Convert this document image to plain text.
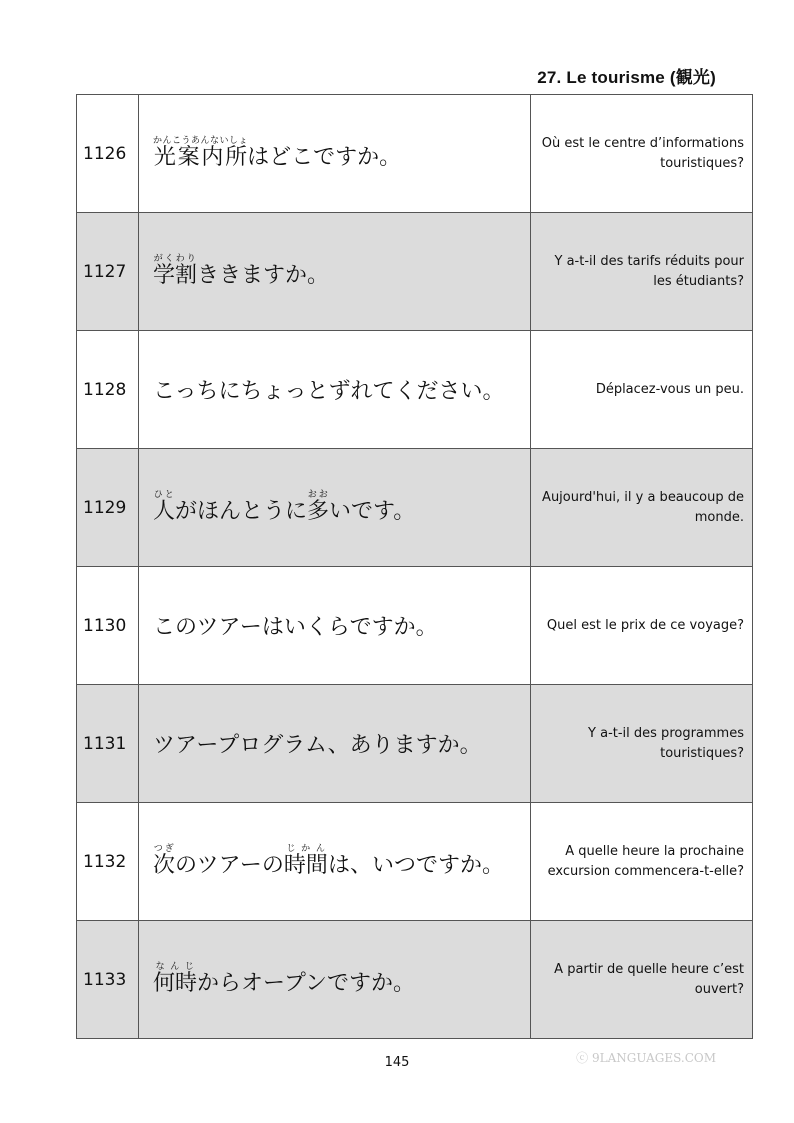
27. Le tourisme (観光)
1126	光案内所かんこうあんないしょはどこですか。	Où est le centre d’informations touristiques?
1127	学割がくわりききますか。	Y a-t-il des tarifs réduits pour les étudiants?
1128	こっちにちょっとずれてください。	Déplacez-vous un peu.
1129	人ひとがほんとうに多おおいです。	Aujourd'hui, il y a beaucoup de monde.
1130	このツアーはいくらですか。	Quel est le prix de ce voyage?
1131	ツアープログラム、ありますか。	Y a-t-il des programmes touristiques?
1132	次つぎのツアーの時間じかんは、いつですか。	A quelle heure la prochaine excursion commencera-t-elle?
1133	何時なんじからオープンですか。	A partir de quelle heure c’est ouvert?
145	ⓒ 9LANGUAGES.COM
